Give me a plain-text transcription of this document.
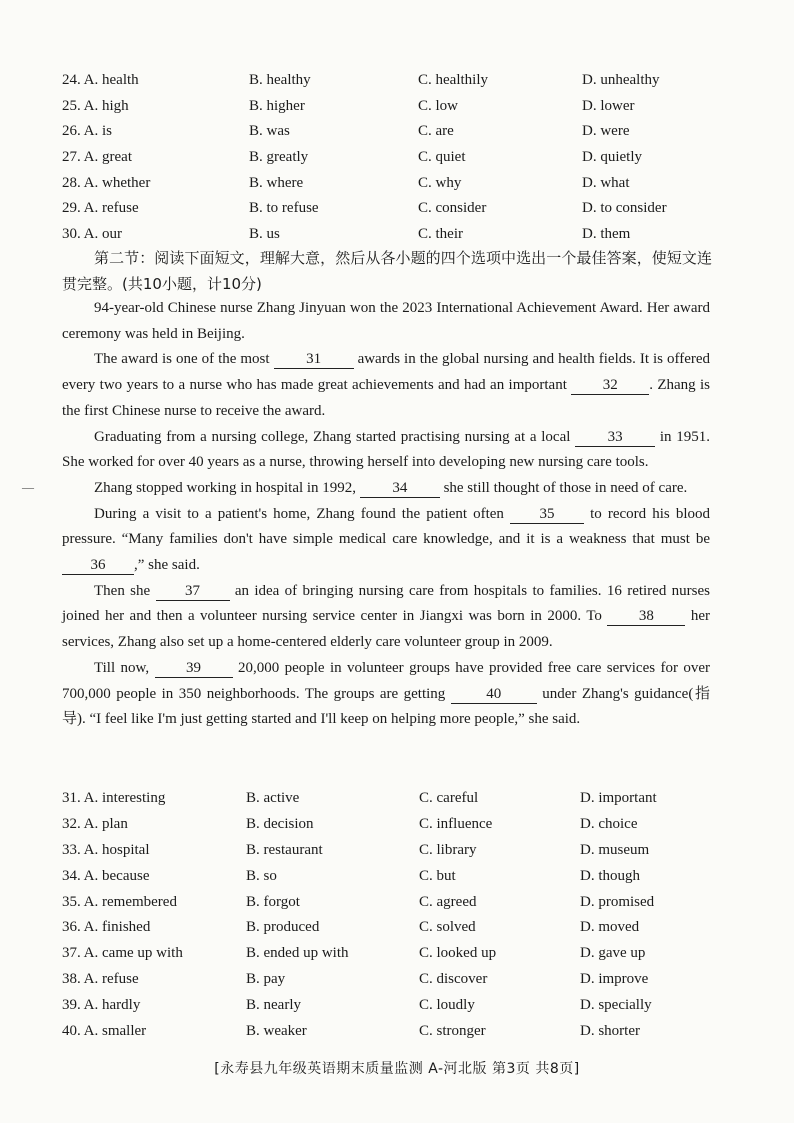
24. A. health	B. healthy	C. healthily	D. unhealthy
25. A. high	B. higher	C. low	D. lower
26. A. is	B. was	C. are	D. were
27. A. great	B. greatly	C. quiet	D. quietly
28. A. whether	B. where	C. why	D. what
29. A. refuse	B. to refuse	C. consider	D. to consider
30. A. our	B. us	C. their	D. them
第二节：阅读下面短文，理解大意，然后从各小题的四个选项中选出一个最佳答案，使短文连贯完整。(共10小题，计10分)

94-year-old Chinese nurse Zhang Jinyuan won the 2023 International Achievement Award. Her award ceremony was held in Beijing.

The award is one of the most 31 awards in the global nursing and health fields. It is offered every two years to a nurse who has made great achievements and had an important 32 . Zhang is the first Chinese nurse to receive the award.

Graduating from a nursing college, Zhang started practising nursing at a local 33 in 1951. She worked for over 40 years as a nurse, throwing herself into developing new nursing care tools.

Zhang stopped working in hospital in 1992, 34 she still thought of those in need of care.

During a visit to a patient's home, Zhang found the patient often 35 to record his blood pressure. “Many families don't have simple medical care knowledge, and it is a weakness that must be 36 ,” she said.

Then she 37 an idea of bringing nursing care from hospitals to families. 16 retired nurses joined her and then a volunteer nursing service center in Jiangxi was born in 2000. To 38 her services, Zhang also set up a home-centered elderly care volunteer group in 2009.

Till now, 39 20,000 people in volunteer groups have provided free care services for over 700,000 people in 350 neighborhoods. The groups are getting	40	under Zhang's guidance(指导). “I feel like I'm just getting started and I'll keep on helping more people,” she said.

31. A. interesting	B. active	C. careful	D. important
32. A. plan	B. decision	C. influence	D. choice
33. A. hospital	B. restaurant	C. library	D. museum
34. A. because	B. so	C. but	D. though
35. A. remembered	B. forgot	C. agreed	D. promised
36. A. finished	B. produced	C. solved	D. moved
37. A. came up with	B. ended up with	C. looked up	D. gave up
38. A. refuse	B. pay	C. discover	D. improve
39. A. hardly	B. nearly	C. loudly	D. specially
40. A. smaller	B. weaker	C. stronger	D. shorter
[永寿县九年级英语期末质量监测 A-河北版 第3页 共8页]
—
